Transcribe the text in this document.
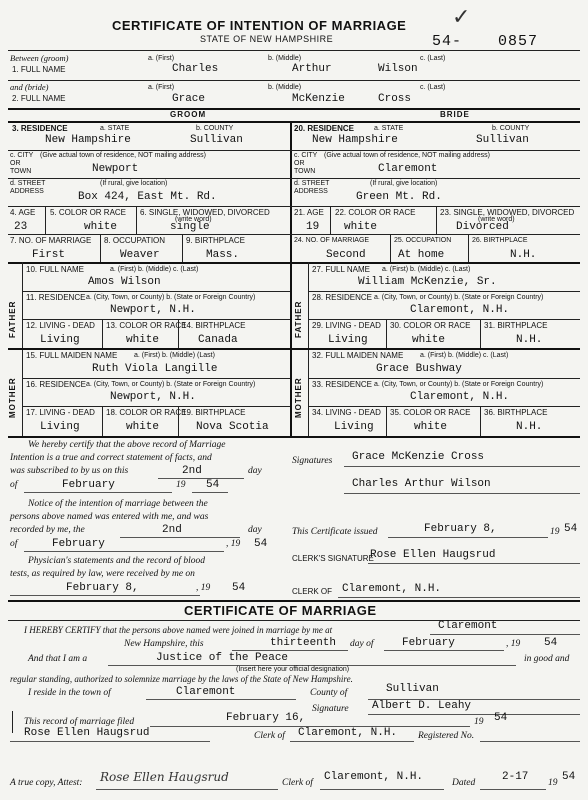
CERTIFICATE OF INTENTION OF MARRIAGE
STATE OF NEW HAMPSHIRE	54- 0857
✓
Between (groom)	a. (First)	b. (Middle)	c. (Last)
1. FULL NAME	Charles	Arthur	Wilson
and (bride)	a. (First)	b. (Middle)	c. (Last)
2. FULL NAME	Grace	McKenzie	Cross
GROOM	BRIDE
3. RESIDENCE	a. STATE	b. COUNTY
New Hampshire	Sullivan
c. CITY OR TOWN
(Give actual town of residence, NOT mailing address)
Newport
d. STREET ADDRESS
(If rural, give location)
Box 424, East Mt. Rd.
4. AGE 5. COLOR OR RACE 6. SINGLE, WIDOWED, DIVORCED
(write word)
23	white	single
7. NO. OF MARRIAGE 8. OCCUPATION	9. BIRTHPLACE
First	Weaver	Mass.
20. RESIDENCE	a. STATE	b. COUNTY
New Hampshire	Sullivan
c. CITY OR TOWN
(Give actual town of residence, NOT mailing address)
Claremont
d. STREET ADDRESS
(If rural, give location)
Green Mt. Rd.
21. AGE 22. COLOR OR RACE	23. SINGLE, WIDOWED, DIVORCED
(write word)
19 white	Divorced
24. NO. OF MARRIAGE	25. OCCUPATION	26. BIRTHPLACE
Second	At home	N.H.
FATHER
MOTHER
FATHER
MOTHER
10. FULL NAME	a. (First) b. (Middle) c. (Last)
Amos Wilson
11. RESIDENCE a. (City, Town, or County) b. (State or Foreign Country)
Newport, N.H.
12. LIVING - DEAD 13. COLOR OR RACE
14. BIRTHPLACE
Living	white	Canada
15. FULL MAIDEN NAME a. (First) b. (Middle) (Last)
Ruth Viola Langille
16. RESIDENCE a. (City, Town, or County) b. (State or Foreign Country)
Newport, N.H.
17. LIVING - DEAD 18. COLOR OR RACE
19. BIRTHPLACE
Living	white	Nova Scotia
27. FULL NAME a. (First) b. (Middle) c. (Last)
William McKenzie, Sr.
28. RESIDENCE a. (City, Town, or County) b. (State or Foreign Country)
Claremont, N.H.
29. LIVING - DEAD 30. COLOR OR RACE 31. BIRTHPLACE
Living	white	N.H.
32. FULL MAIDEN NAME a. (First) b. (Middle) c. (Last)
Grace Bushway
33. RESIDENCE a. (City, Town, or County) b. (State or Foreign Country)
Claremont, N.H.
34. LIVING - DEAD 35. COLOR OR RACE 36. BIRTHPLACE
Living	white	N.H.
We hereby certify that the above record of Marriage
Intention is a true and correct statement of facts, and
was subscribed to by us on this	2nd	day
of	February	19 54
Signatures Grace McKenzie Cross
Charles Arthur Wilson
Notice of the intention of marriage between the
persons above named was entered with me, and was
recorded by me, the	2nd	day
of	February	, 19 54
This Certificate issued	February 8,	19 54
CLERK'S SIGNATURE
Rose Ellen Haugsrud
Physician's statements and the record of blood
tests, as required by law, were received by me on
February 8,	, 19 54	CLERK OF Claremont, N.H.
CERTIFICATE OF MARRIAGE
I HEREBY CERTIFY that the persons above named were joined in marriage by me at	Claremont
New Hampshire, this	thirteenth day of	February	, 19 54
And that I am a	Justice of the Peace	in good and
(Insert here your official designation)
regular standing, authorized to solemnize marriage by the laws of the State of New Hampshire.
I reside in the town of	Claremont	County of	Sullivan
Signature Albert D. Leahy
This record of marriage filed	February 16,	19 54
Rose Ellen Haugsrud	Clerk of Claremont, N.H. Registered No.
A true copy, Attest: Rose Ellen Haugsrud	Clerk of Claremont, N.H.	Dated 2-17 19 54
